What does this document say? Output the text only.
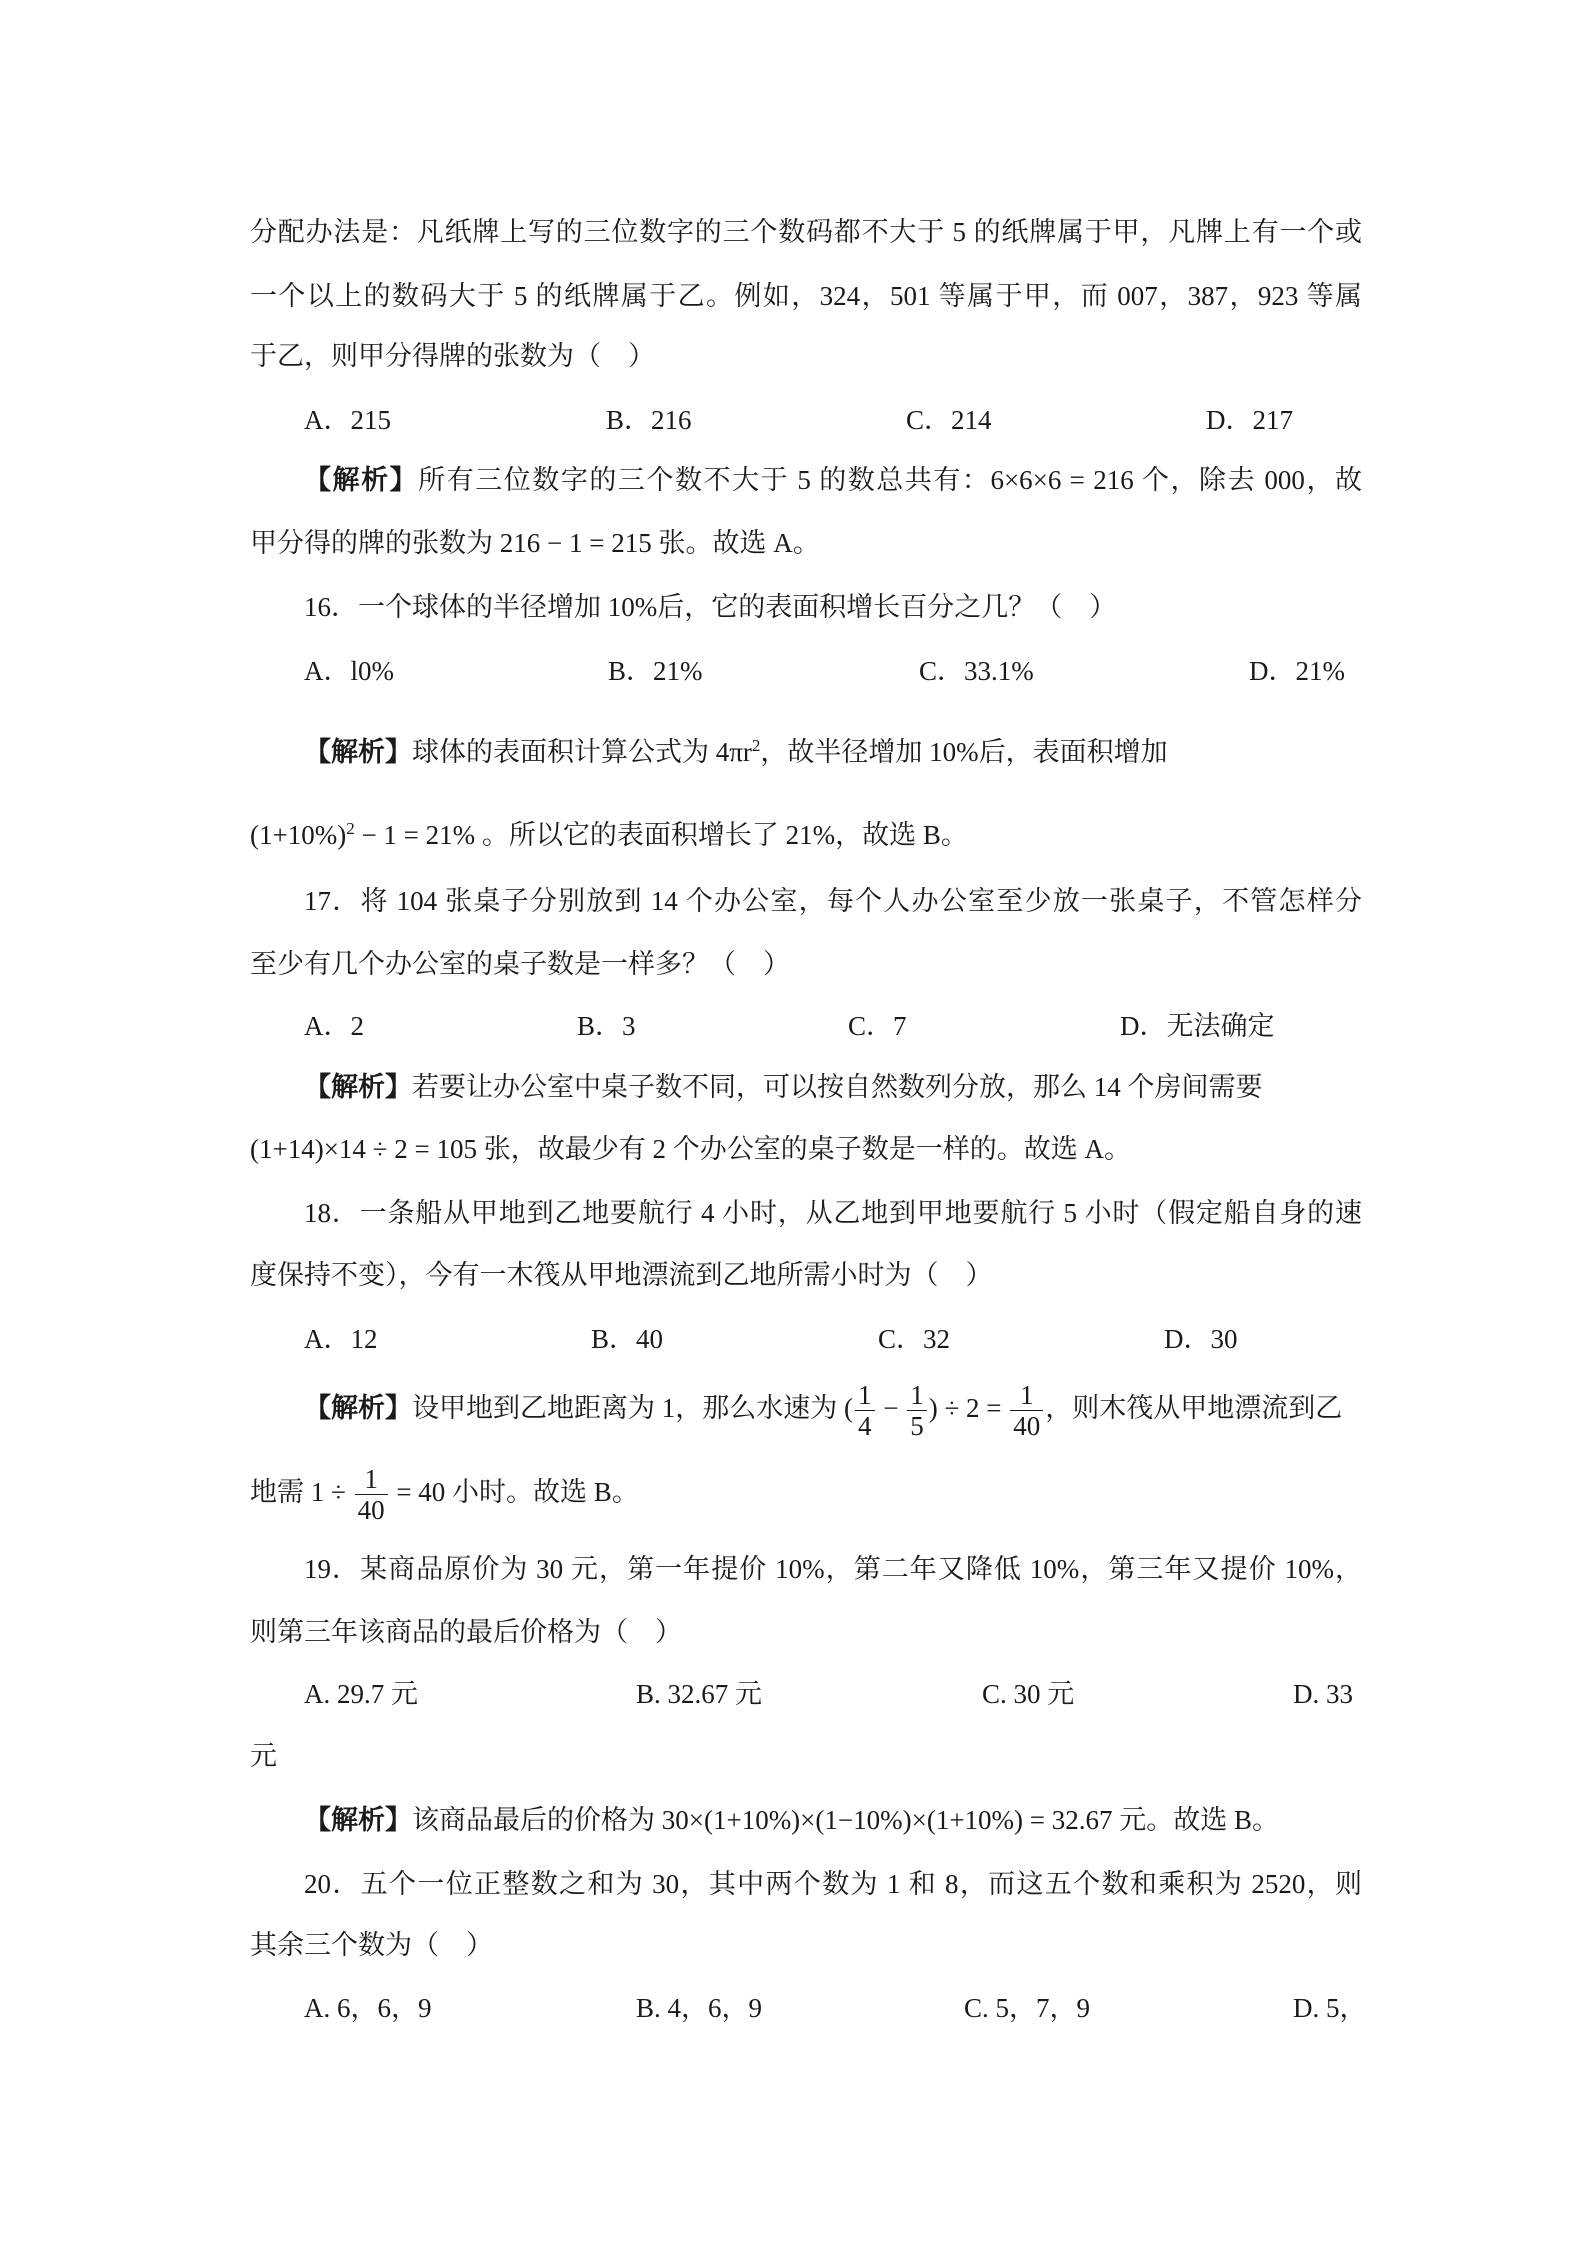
分配办法是：凡纸牌上写的三位数字的三个数码都不大于 5 的纸牌属于甲，凡牌上有一个或
一个以上的数码大于 5 的纸牌属于乙。例如，324，501 等属于甲，而 007，387，923 等属
于乙，则甲分得牌的张数为（　）
A．215	B．216	C．214	D．217
【解析】所有三位数字的三个数不大于 5 的数总共有：6×6×6 = 216 个，除去 000，故
甲分得的牌的张数为 216 − 1 = 215 张。故选 A。
16．一个球体的半径增加 10%后，它的表面积增长百分之几？（　）
A．l0%	B．21%	C．33.1%	D．21%
【解析】球体的表面积计算公式为 $4\pi r^2$，故半径增加 10%后，表面积增加
$(1+10\%)^2 - 1 = 21\%$ 。所以它的表面积增长了 21%，故选 B。
17．将 104 张桌子分别放到 14 个办公室，每个人办公室至少放一张桌子，不管怎样分
至少有几个办公室的桌子数是一样多？（　）
A．2	B．3	C．7	D．无法确定
【解析】若要让办公室中桌子数不同，可以按自然数列分放，那么 14 个房间需要
(1+14)×14 ÷ 2 = 105 张，故最少有 2 个办公室的桌子数是一样的。故选 A。
18．一条船从甲地到乙地要航行 4 小时，从乙地到甲地要航行 5 小时（假定船自身的速
度保持不变），今有一木筏从甲地漂流到乙地所需小时为（　）
A．12	B．40	C．32	D．30
【解析】设甲地到乙地距离为 1，那么水速为 ( $\frac{1}{4} - \frac{1}{5}$ ) ÷ $2 = \frac{1}{40}$ ，则木筏从甲地漂流到乙
地需 $1 \div \frac{1}{40} = 40$ 小时。故选 B。
19．某商品原价为 30 元，第一年提价 10%，第二年又降低 10%，第三年又提价 10%，
则第三年该商品的最后价格为（　）
A. 29.7 元	B. 32.67 元	C. 30 元	D. 33
元
【解析】该商品最后的价格为 30×(1+10%)×(1−10%)×(1+10%) = 32.67 元。故选 B。
20．五个一位正整数之和为 30，其中两个数为 1 和 8，而这五个数和乘积为 2520，则
其余三个数为（　）
A. 6，6，9	B. 4，6，9	C. 5，7，9	D. 5，
